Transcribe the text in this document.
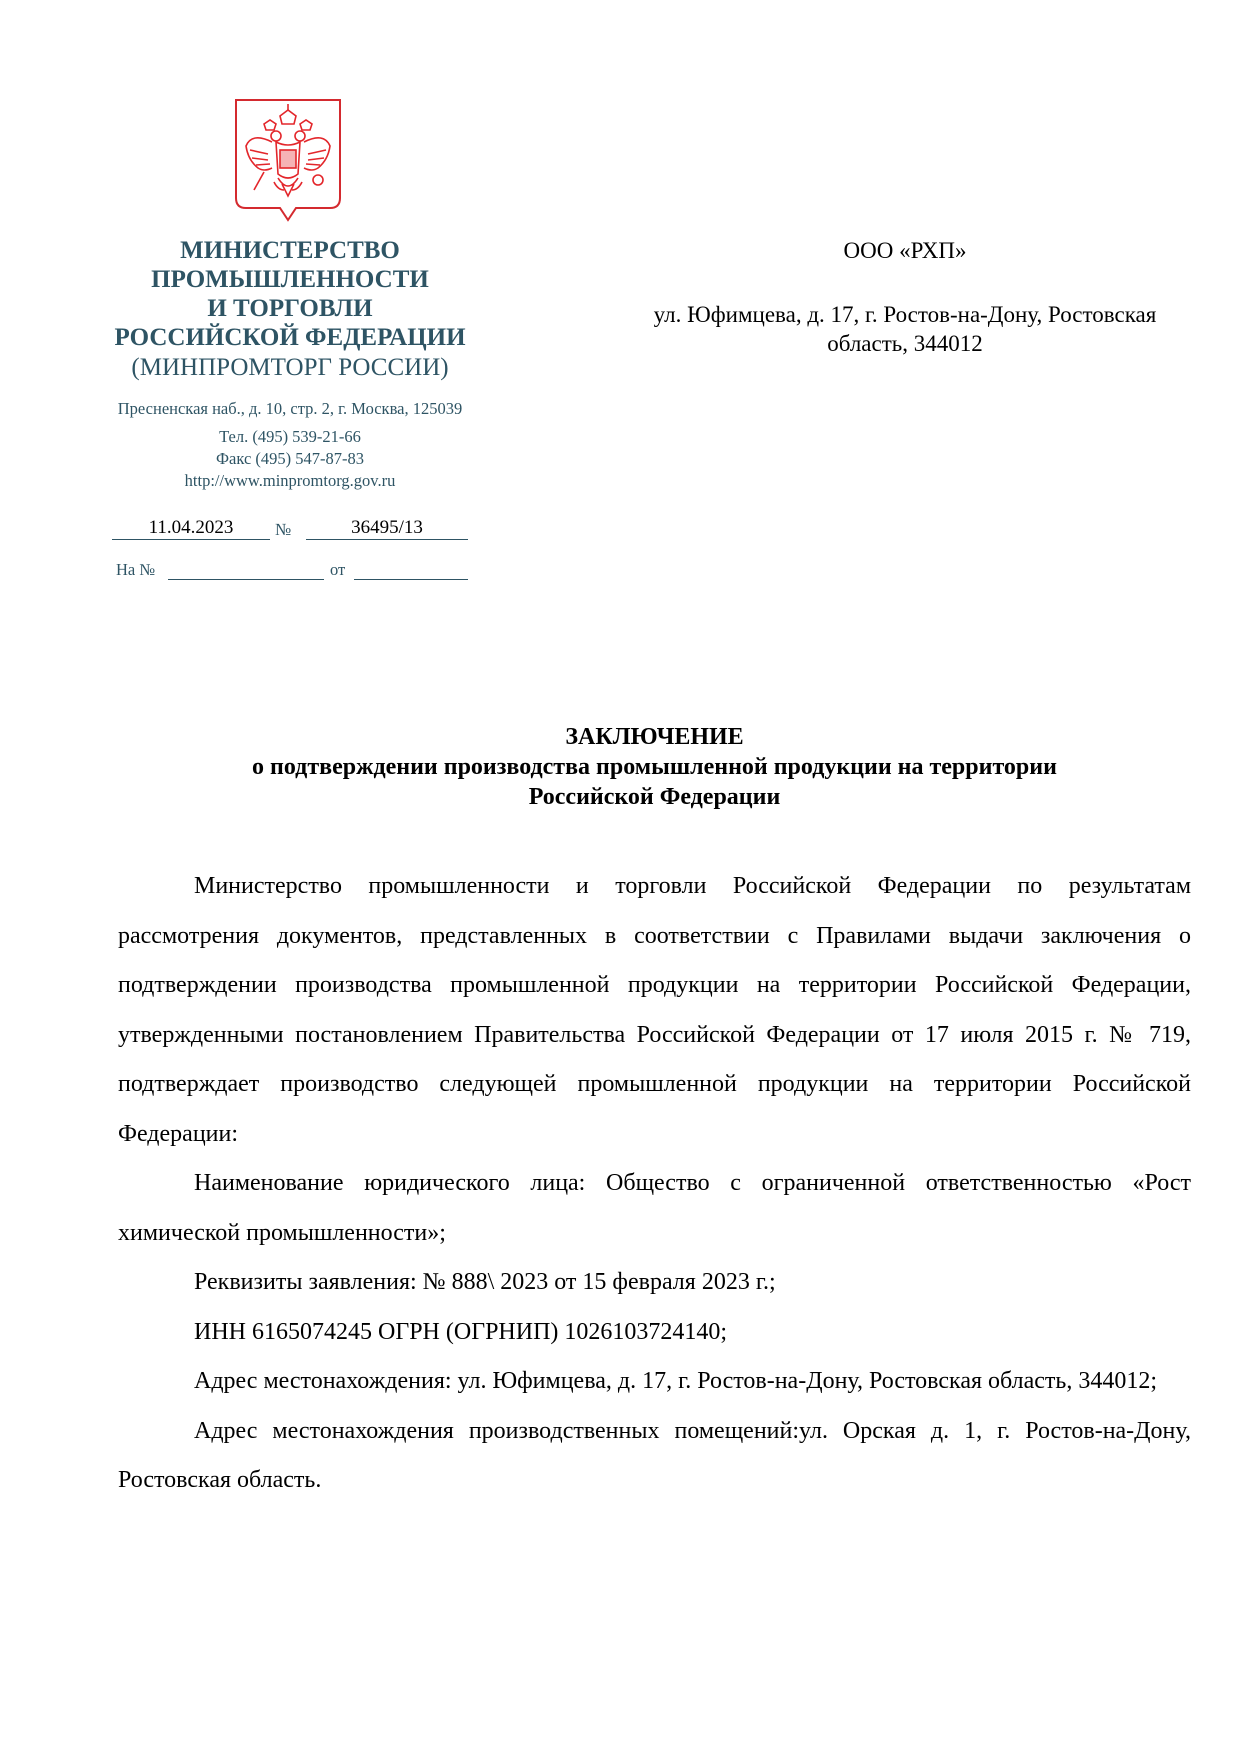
МИНИСТЕРСТВО
ПРОМЫШЛЕННОСТИ
И ТОРГОВЛИ
РОССИЙСКОЙ ФЕДЕРАЦИИ
(МИНПРОМТОРГ РОССИИ)
Пресненская наб., д. 10, стр. 2, г. Москва, 125039
Тел. (495) 539-21-66
Факс (495) 547-87-83
http://www.minpromtorg.gov.ru
11.04.2023	№	36495/13
На №	от
ООО «РХП»
ул. Юфимцева, д. 17, г. Ростов-на-Дону, Ростовская
область, 344012
ЗАКЛЮЧЕНИЕ
о подтверждении производства промышленной продукции на территории
Российской Федерации

Министерство промышленности и торговли Российской Федерации по результатам рассмотрения документов, представленных в соответствии с Правилами выдачи заключения о подтверждении производства промышленной продукции на территории Российской Федерации, утвержденными постановлением Правительства Российской Федерации от 17 июля 2015 г. № 719, подтверждает производство следующей промышленной продукции на территории Российской Федерации:

Наименование юридического лица: Общество с ограниченной ответственностью «Рост химической промышленности»;

Реквизиты заявления: № 888\ 2023 от 15 февраля 2023 г.;

ИНН 6165074245 ОГРН (ОГРНИП) 1026103724140;

Адрес местонахождения: ул. Юфимцева, д. 17, г. Ростов-на-Дону, Ростовская область, 344012;

Адрес местонахождения производственных помещений:ул. Орская д. 1, г. Ростов-на-Дону, Ростовская область.
